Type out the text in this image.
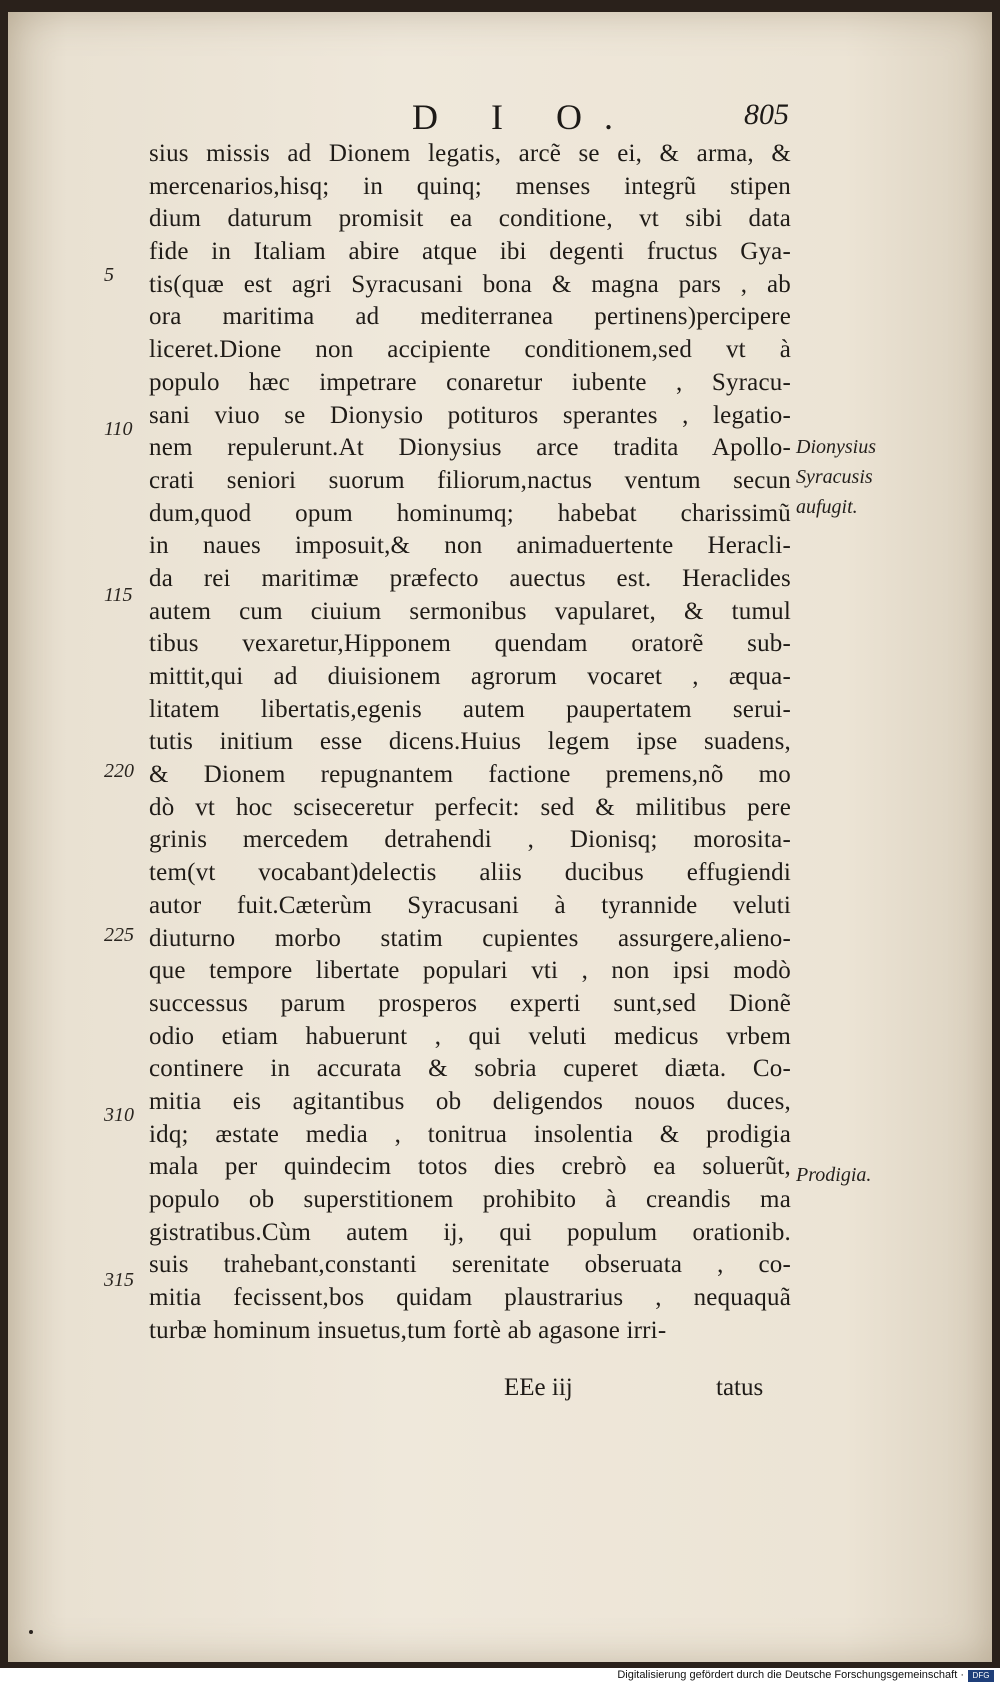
D I O.	805
sius missis ad Dionem legatis, arcẽ se ei, & arma, &
mercenarios,hisq; in quinq; menses integrũ stipen
dium daturum promisit ea conditione, vt sibi data
fide in Italiam abire atque ibi degenti fructus Gya-
tis(quæ est agri Syracusani bona & magna pars , ab
ora maritima ad mediterranea pertinens)percipere
liceret.Dione non accipiente conditionem,sed vt à
populo hæc impetrare conaretur iubente , Syracu-
sani viuo se Dionysio potituros sperantes , legatio-
nem repulerunt.At Dionysius arce tradita Apollo-
crati seniori suorum filiorum,nactus ventum secun
dum,quod opum hominumq; habebat charissimũ
in naues imposuit,& non animaduertente Heracli-
da rei maritimæ præfecto auectus est. Heraclides
autem cum ciuium sermonibus vapularet, & tumul
tibus vexaretur,Hipponem quendam oratorẽ sub-
mittit,qui ad diuisionem agrorum vocaret , æqua-
litatem libertatis,egenis autem paupertatem serui-
tutis initium esse dicens.Huius legem ipse suadens,
& Dionem repugnantem factione premens,nõ mo
dò vt hoc sciseceretur perfecit: sed & militibus pere
grinis mercedem detrahendi , Dionisq; morosita-
tem(vt vocabant)delectis aliis ducibus effugiendi
autor fuit.Cæterùm Syracusani à tyrannide veluti
diuturno morbo statim cupientes assurgere,alieno-
que tempore libertate populari vti , non ipsi modò
successus parum prosperos experti sunt,sed Dionẽ
odio etiam habuerunt , qui veluti medicus vrbem
continere in accurata & sobria cuperet diæta. Co-
mitia eis agitantibus ob deligendos nouos duces,
idq; æstate media , tonitrua insolentia & prodigia
mala per quindecim totos dies crebrò ea soluerũt,
populo ob superstitionem prohibito à creandis ma
gistratibus.Cùm autem ij, qui populum orationib.
suis trahebant,constanti serenitate obseruata , co-
mitia fecissent,bos quidam plaustrarius , nequaquã
turbæ hominum insuetus,tum fortè ab agasone irri-
5
110
115
220
225
310
315
Dionysius
Syracusis
aufugit.
Prodigia.
EEe iij	tatus
Digitalisierung gefördert durch die Deutsche Forschungsgemeinschaft ·	DFG
